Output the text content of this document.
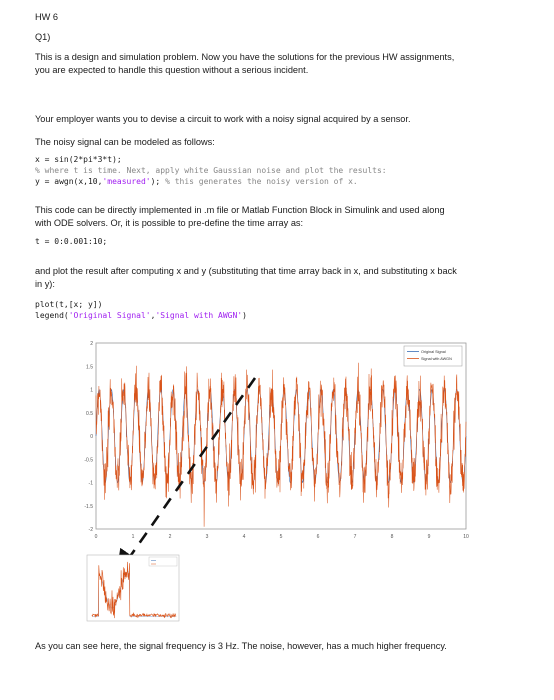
HW 6
Q1)
This is a design and simulation problem. Now you have the solutions for the previous HW assignments,
you are expected to handle this question without a serious incident.
Your employer wants you to devise a circuit to work with a noisy signal acquired by a sensor.
The noisy signal can be modeled as follows:
x = sin(2*pi*3*t);
% where t is time. Next, apply white Gaussian noise and plot the results:
y = awgn(x,10,'measured'); % this generates the noisy version of x.
This code can be directly implemented in .m file or Matlab Function Block in Simulink and used along
with ODE solvers. Or, it is possible to pre-define the time array as:
t = 0:0.001:10;
and plot the result after computing x and y (substituting that time array back in x, and substituting x back
in y):
plot(t,[x; y])
legend('Original Signal','Signal with AWGN')
0	1	2	3	4	5	6	7	8	9	10
2
1.5
1
0.5
0
-0.5
-1
-1.5
-2
Original Signal
Signal with AWGN
As you can see here, the signal frequency is 3 Hz. The noise, however, has a much higher frequency.
